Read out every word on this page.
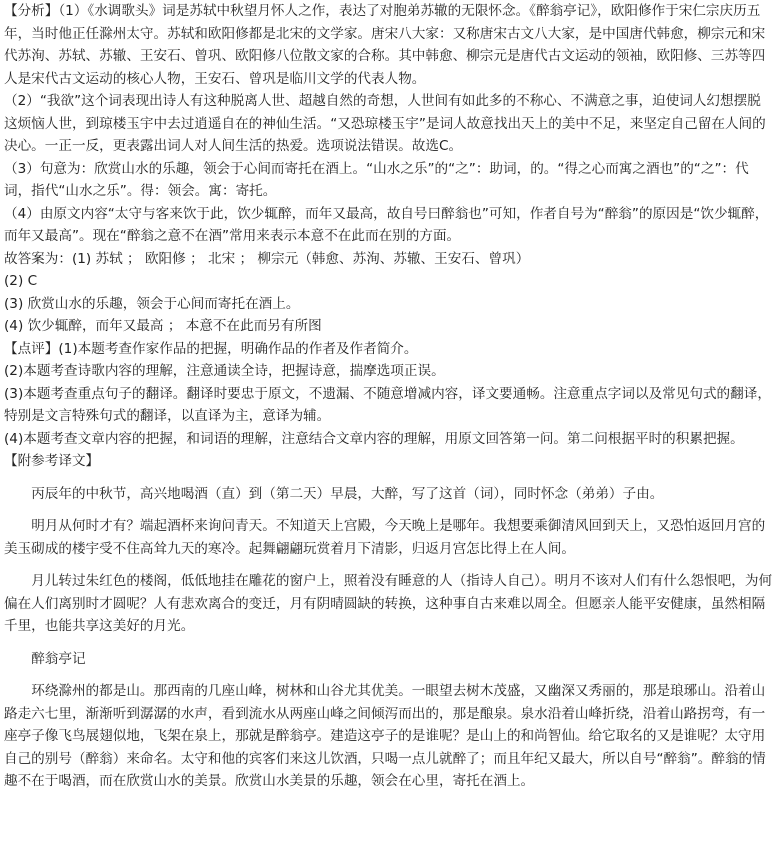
【分析】（1）《水调歌头》词是苏轼中秋望月怀人之作，表达了对胞弟苏辙的无限怀念。《醉翁亭记》，欧阳修作于宋仁宗庆历五年，当时他正任滁州太守。苏轼和欧阳修都是北宋的文学家。唐宋八大家：又称唐宋古文八大家，是中国唐代韩愈，柳宗元和宋代苏洵、苏轼、苏辙、王安石、曾巩、欧阳修八位散文家的合称。其中韩愈、柳宗元是唐代古文运动的领袖，欧阳修、三苏等四人是宋代古文运动的核心人物，王安石、曾巩是临川文学的代表人物。

（2）“我欲”这个词表现出诗人有这种脱离人世、超越自然的奇想，人世间有如此多的不称心、不满意之事，迫使词人幻想摆脱这烦恼人世，到琼楼玉宇中去过逍遥自在的神仙生活。“又恐琼楼玉宇”是词人故意找出天上的美中不足，来坚定自己留在人间的决心。一正一反，更表露出词人对人间生活的热爱。选项说法错误。故选C。

（3）句意为：欣赏山水的乐趣，领会于心间而寄托在酒上。“山水之乐”的“之”：助词，的。“得之心而寓之酒也”的“之”：代词，指代“山水之乐”。得：领会。寓：寄托。

（4）由原文内容“太守与客来饮于此，饮少辄醉，而年又最高，故自号曰醉翁也”可知，作者自号为“醉翁”的原因是“饮少辄醉，而年又最高”。现在“醉翁之意不在酒”常用来表示本意不在此而在别的方面。

故答案为：(1) 苏轼 ； 欧阳修 ； 北宋 ； 柳宗元（韩愈、苏洵、苏辙、王安石、曾巩）

(2) C

(3) 欣赏山水的乐趣，领会于心间而寄托在酒上。

(4) 饮少辄醉，而年又最高 ； 本意不在此而另有所图

【点评】(1)本题考查作家作品的把握，明确作品的作者及作者简介。

(2)本题考查诗歌内容的理解，注意通读全诗，把握诗意，揣摩选项正误。

(3)本题考查重点句子的翻译。翻译时要忠于原文，不遗漏、不随意增减内容，译文要通畅。注意重点字词以及常见句式的翻译，特别是文言特殊句式的翻译，以直译为主，意译为辅。

(4)本题考查文章内容的把握，和词语的理解，注意结合文章内容的理解，用原文回答第一问。第二问根据平时的积累把握。

【附参考译文】

丙辰年的中秋节，高兴地喝酒（直）到（第二天）早晨，大醉，写了这首（词），同时怀念（弟弟）子由。

明月从何时才有？端起酒杯来询问青天。不知道天上宫殿，今天晚上是哪年。我想要乘御清风回到天上，又恐怕返回月宫的美玉砌成的楼宇受不住高耸九天的寒冷。起舞翩翩玩赏着月下清影，归返月宫怎比得上在人间。

月儿转过朱红色的楼阁，低低地挂在雕花的窗户上，照着没有睡意的人（指诗人自己）。明月不该对人们有什么怨恨吧，为何偏在人们离别时才圆呢？人有悲欢离合的变迁，月有阴晴圆缺的转换，这种事自古来难以周全。但愿亲人能平安健康，虽然相隔千里，也能共享这美好的月光。

醉翁亭记

环绕滁州的都是山。那西南的几座山峰，树林和山谷尤其优美。一眼望去树木茂盛，又幽深又秀丽的，那是琅琊山。沿着山路走六七里，渐渐听到潺潺的水声，看到流水从两座山峰之间倾泻而出的，那是酿泉。泉水沿着山峰折绕，沿着山路拐弯，有一座亭子像飞鸟展翅似地，飞架在泉上，那就是醉翁亭。建造这亭子的是谁呢？是山上的和尚智仙。给它取名的又是谁呢？太守用自己的别号（醉翁）来命名。太守和他的宾客们来这儿饮酒，只喝一点儿就醉了；而且年纪又最大，所以自号“醉翁”。醉翁的情趣不在于喝酒，而在欣赏山水的美景。欣赏山水美景的乐趣，领会在心里，寄托在酒上。
